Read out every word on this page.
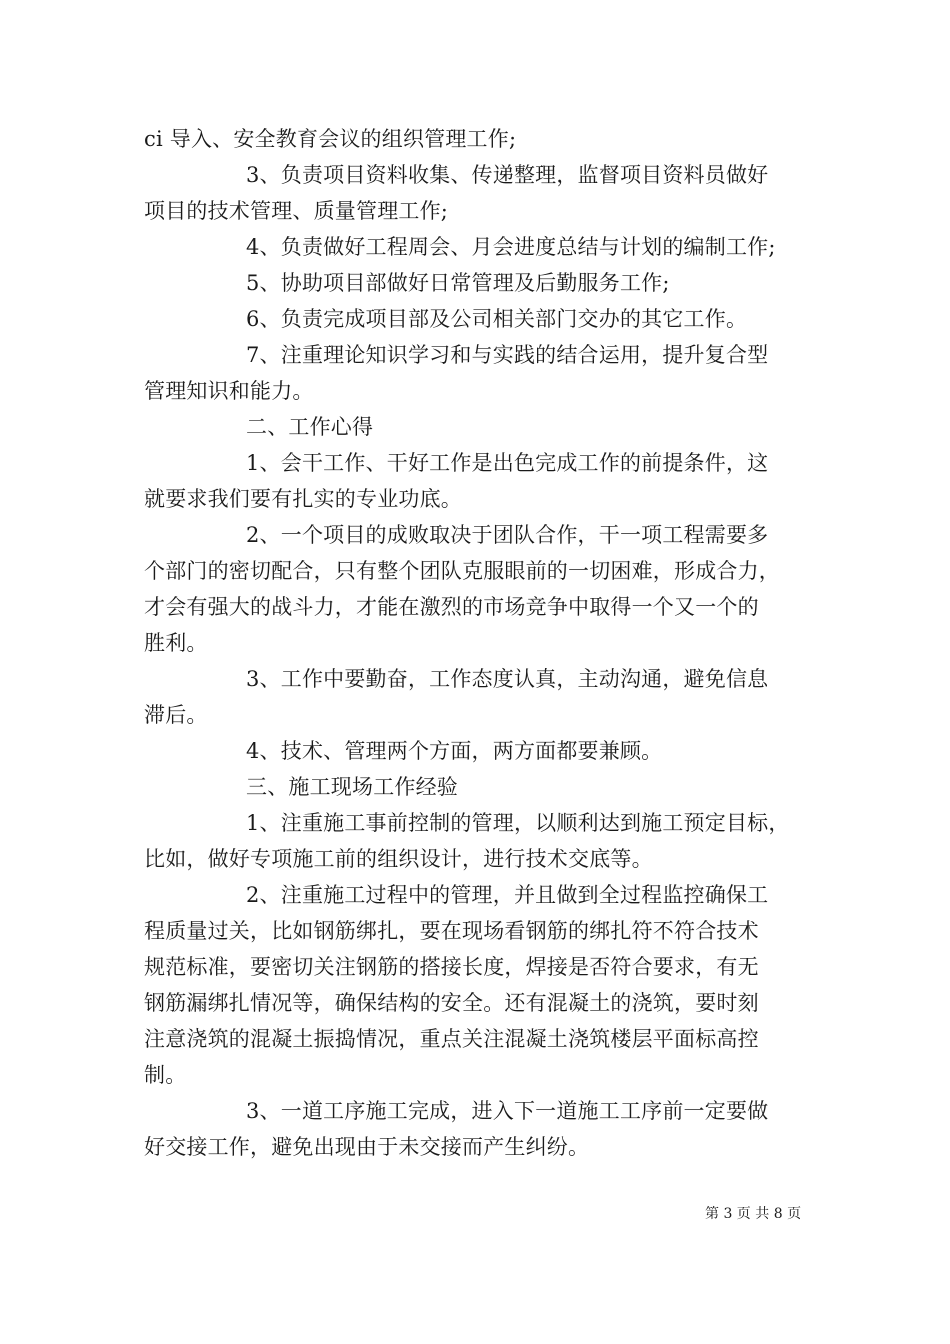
ci 导入、安全教育会议的组织管理工作;
3、负责项目资料收集、传递整理，监督项目资料员做好
项目的技术管理、质量管理工作;
4、负责做好工程周会、月会进度总结与计划的编制工作;
5、协助项目部做好日常管理及后勤服务工作;
6、负责完成项目部及公司相关部门交办的其它工作。
7、注重理论知识学习和与实践的结合运用，提升复合型
管理知识和能力。
二、工作心得
1、会干工作、干好工作是出色完成工作的前提条件，这
就要求我们要有扎实的专业功底。
2、一个项目的成败取决于团队合作，干一项工程需要多
个部门的密切配合，只有整个团队克服眼前的一切困难，形成合力，
才会有强大的战斗力，才能在激烈的市场竞争中取得一个又一个的
胜利。
3、工作中要勤奋，工作态度认真，主动沟通，避免信息
滞后。
4、技术、管理两个方面，两方面都要兼顾。
三、施工现场工作经验
1、注重施工事前控制的管理，以顺利达到施工预定目标，
比如，做好专项施工前的组织设计，进行技术交底等。
2、注重施工过程中的管理，并且做到全过程监控确保工
程质量过关，比如钢筋绑扎，要在现场看钢筋的绑扎符不符合技术
规范标准，要密切关注钢筋的搭接长度，焊接是否符合要求，有无
钢筋漏绑扎情况等，确保结构的安全。还有混凝土的浇筑，要时刻
注意浇筑的混凝土振捣情况，重点关注混凝土浇筑楼层平面标高控
制。
3、一道工序施工完成，进入下一道施工工序前一定要做
好交接工作，避免出现由于未交接而产生纠纷。
第 3 页 共 8 页
